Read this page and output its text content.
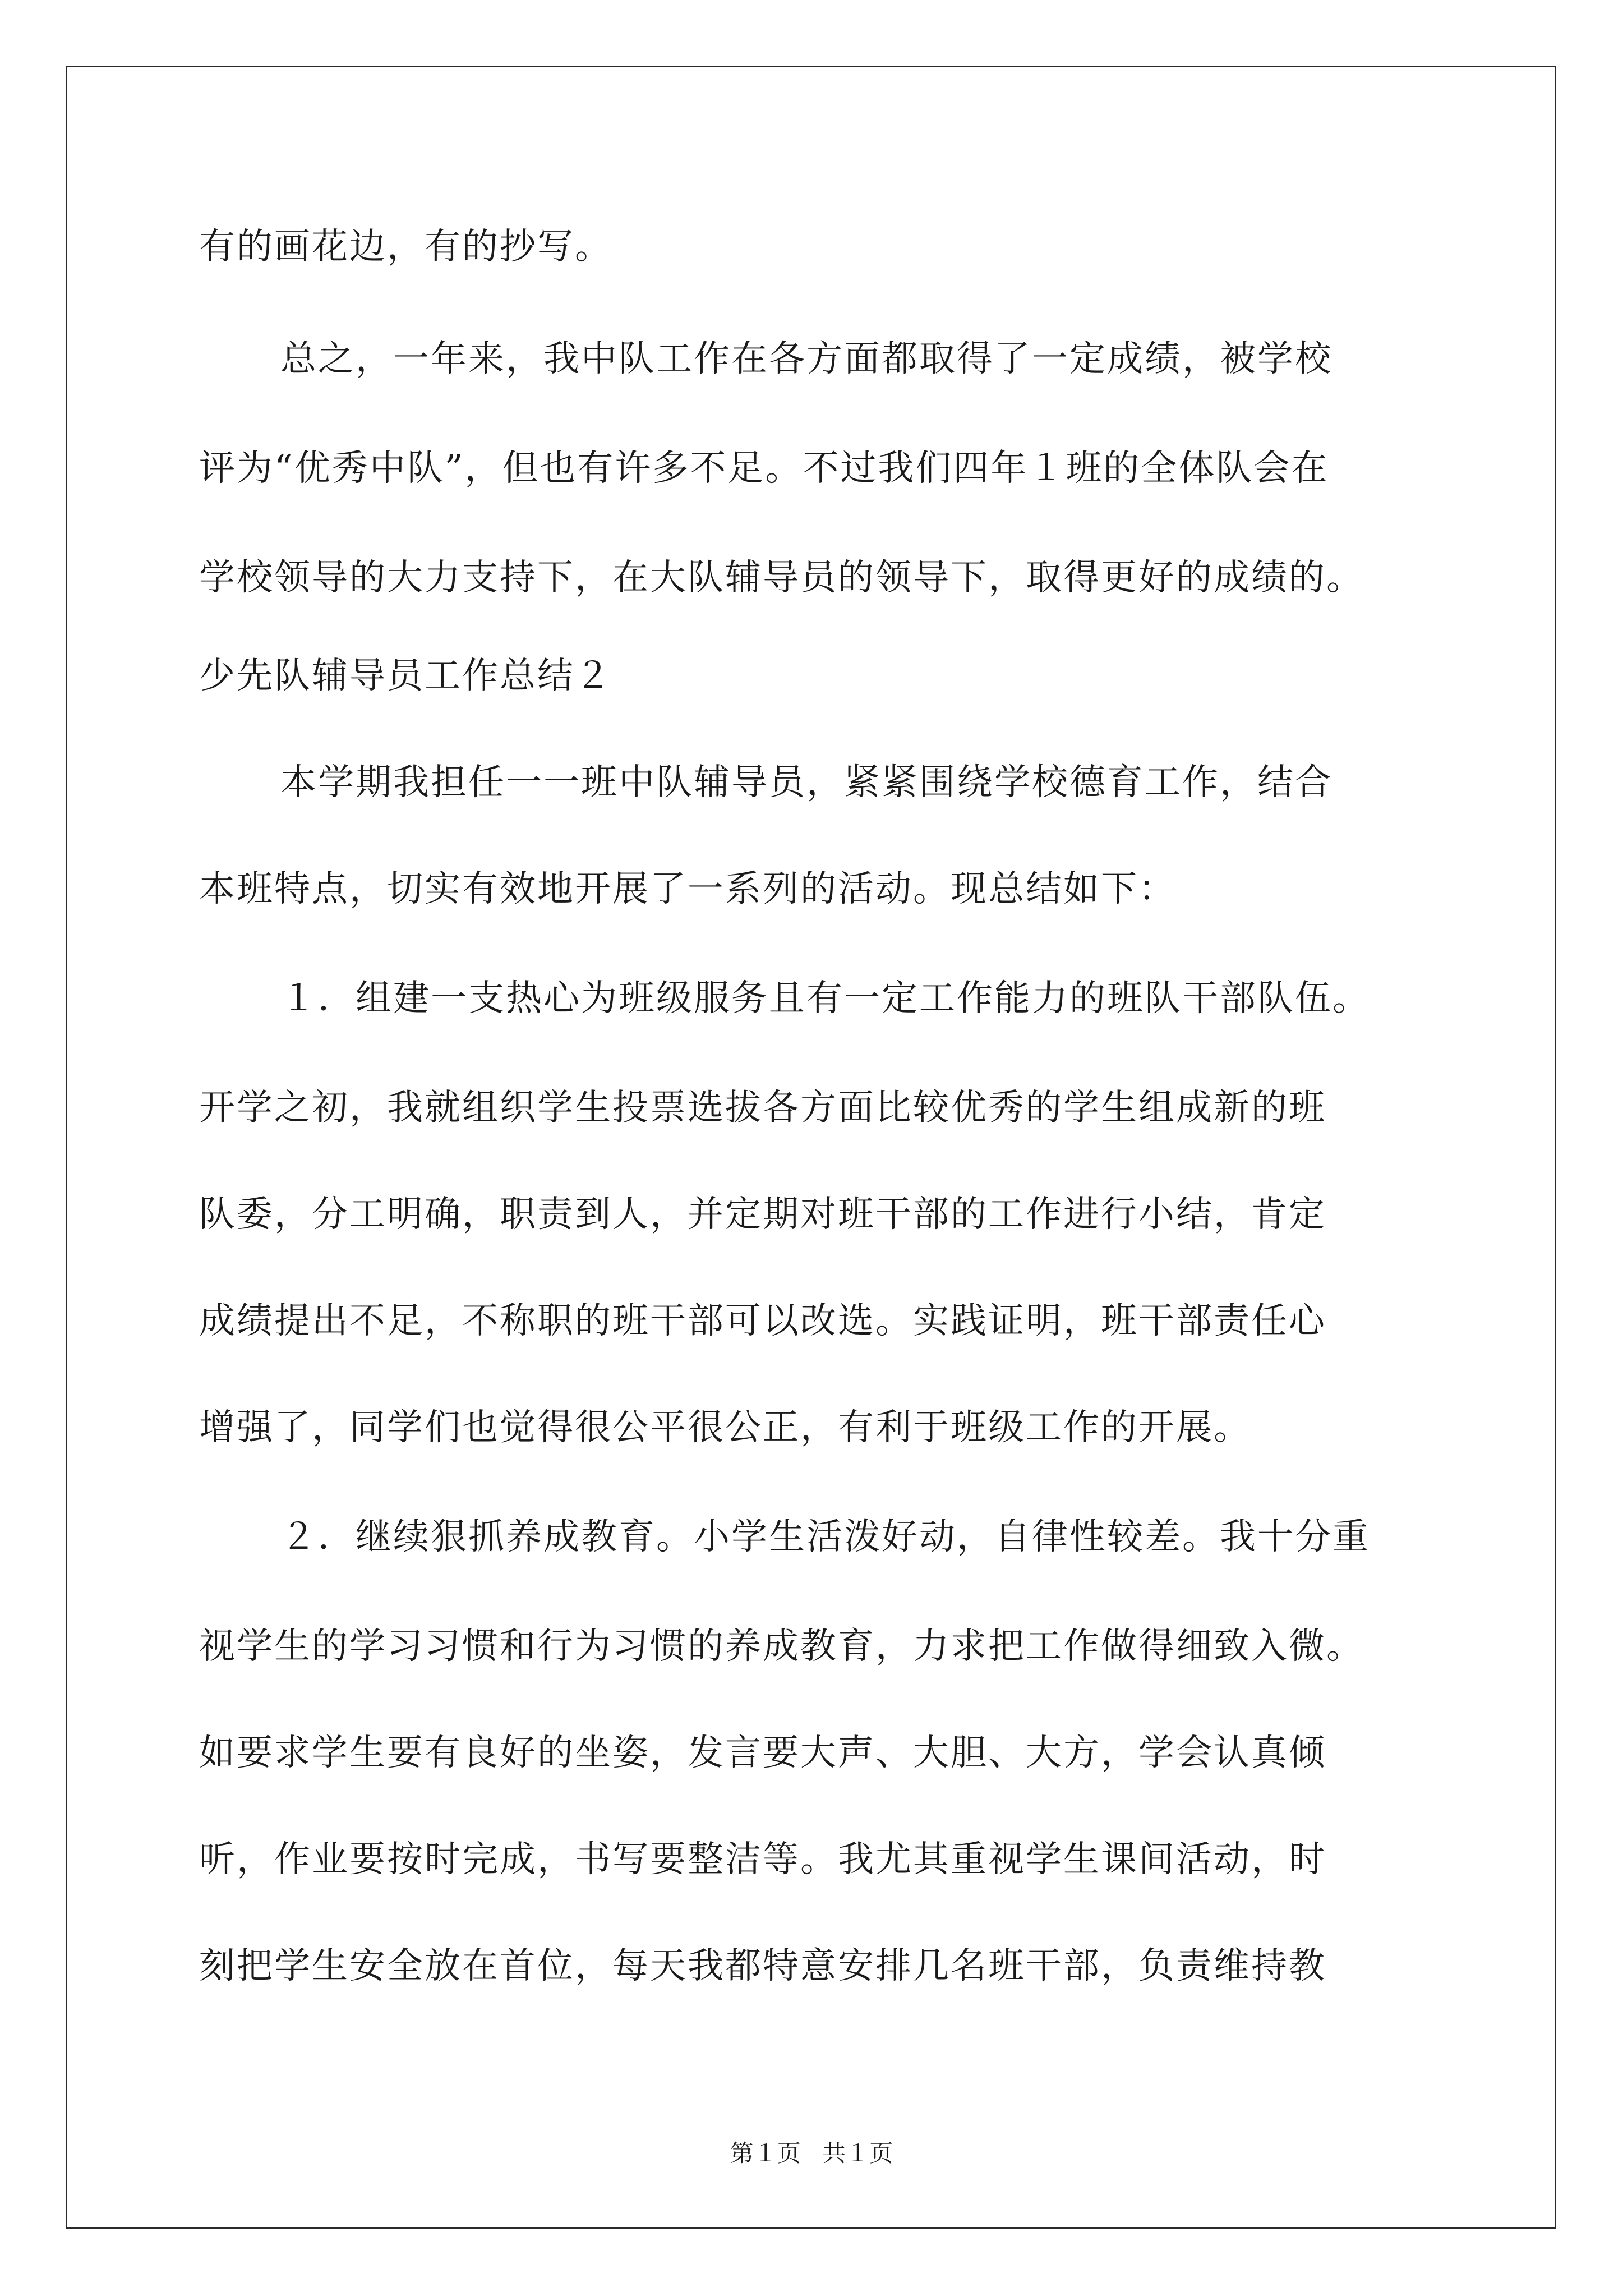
有的画花边，有的抄写。
总之，一年来，我中队工作在各方面都取得了一定成绩，被学校
评为“优秀中队”，但也有许多不足。不过我们四年１班的全体队会在
学校领导的大力支持下，在大队辅导员的领导下，取得更好的成绩的。
少先队辅导员工作总结２
本学期我担任一一班中队辅导员，紧紧围绕学校德育工作，结合
本班特点，切实有效地开展了一系列的活动。现总结如下：
１．组建一支热心为班级服务且有一定工作能力的班队干部队伍。
开学之初，我就组织学生投票选拔各方面比较优秀的学生组成新的班
队委，分工明确，职责到人，并定期对班干部的工作进行小结，肯定
成绩提出不足，不称职的班干部可以改选。实践证明，班干部责任心
增强了，同学们也觉得很公平很公正，有利于班级工作的开展。
２．继续狠抓养成教育。小学生活泼好动，自律性较差。我十分重
视学生的学习习惯和行为习惯的养成教育，力求把工作做得细致入微。
如要求学生要有良好的坐姿，发言要大声、大胆、大方，学会认真倾
听，作业要按时完成，书写要整洁等。我尤其重视学生课间活动，时
刻把学生安全放在首位，每天我都特意安排几名班干部，负责维持教
第１页 共１页
